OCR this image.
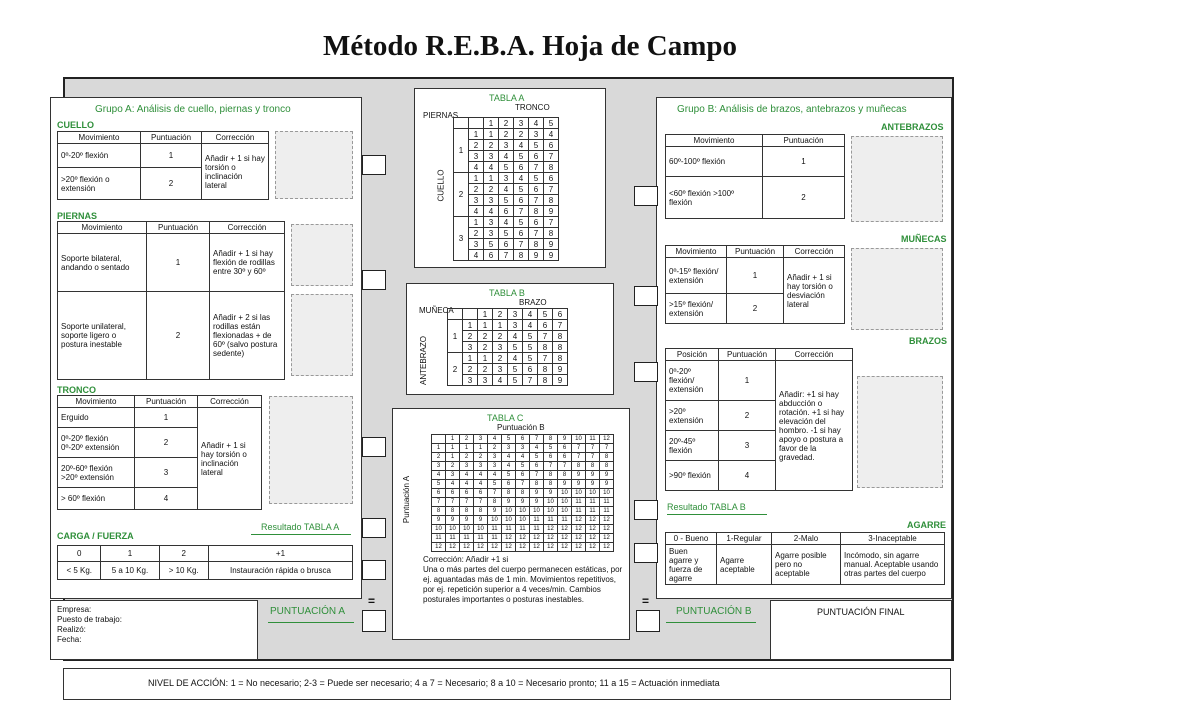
Método R.E.B.A. Hoja de Campo
Grupo A: Análisis de cuello, piernas y tronco
CUELLO
Movimiento	Puntuación	Corrección
0º-20º flexión	1	Añadir + 1 si hay torsión o inclinación lateral
>20º flexión o extensión	2	
PIERNAS
Movimiento	Puntuación	Corrección
Soporte bilateral, andando o sentado	1	Añadir + 1 si hay flexión de rodillas entre 30º y 60º
Soporte unilateral, soporte ligero o postura inestable	2	Añadir + 2 si las rodillas están flexionadas + de 60º (salvo postura sedente)
TRONCO
Movimiento	Puntuación	Corrección
Erguido	1	Añadir + 1 si hay torsión o inclinación lateral
0º-20º flexión 0º-20º extensión	2	
20º-60º flexión >20º extensión	3	
> 60º flexión	4	
Resultado TABLA A
CARGA / FUERZA
0	1	2	+1
< 5 Kg.	5 a 10 Kg.	> 10 Kg.	Instauración rápida o brusca
TABLA A
TRONCO
PIERNAS
CUELLO
		1	2	3	4	5
1	1	1	2	2	3	4
	2	2	3	4	5	6
	3	3	4	5	6	7
	4	4	5	6	7	8
2	1	1	3	4	5	6
	2	2	4	5	6	7
	3	3	5	6	7	8
	4	4	6	7	8	9
3	1	3	4	5	6	7
	2	3	5	6	7	8
	3	5	6	7	8	9
	4	6	7	8	9	9
TABLA B
BRAZO
MUÑECA
ANTEBRAZO
		1	2	3	4	5	6
1	1	1	1	3	4	6	7
	2	2	2	4	5	7	8
	3	2	3	5	5	8	8
2	1	1	2	4	5	7	8
	2	2	3	5	6	8	9
	3	3	4	5	7	8	9
TABLA C
Puntuación B
Puntuación A
	1	2	3	4	5	6	7	8	9	10	11	12
1	1	1	1	2	3	3	4	5	6	7	7	7
2	1	2	2	3	4	4	5	6	6	7	7	8
3	2	3	3	3	4	5	6	7	7	8	8	8
4	3	4	4	4	5	6	7	8	8	9	9	9
5	4	4	4	5	6	7	8	8	9	9	9	9
6	6	6	6	7	8	8	9	9	10	10	10	10
7	7	7	7	8	9	9	9	10	10	11	11	11
8	8	8	8	9	10	10	10	10	10	11	11	11
9	9	9	9	10	10	10	11	11	11	12	12	12
10	10	10	10	11	11	11	11	12	12	12	12	12
11	11	11	11	11	12	12	12	12	12	12	12	12
12	12	12	12	12	12	12	12	12	12	12	12	12
Corrección: Añadir +1 si
Una o más partes del cuerpo permanecen estáticas, por ej. aguantadas más de 1 min. Movimientos repetitivos, por ej. repetición superior a 4 veces/min. Cambios posturales importantes o posturas inestables.
=	=
Grupo B: Análisis de brazos, antebrazos y muñecas
ANTEBRAZOS
Movimiento	Puntuación
60º-100º flexión	1
<60º flexión >100º flexión	2
MUÑECAS
Movimiento	Puntuación	Corrección
0º-15º flexión/ extensión	1	Añadir + 1 si hay torsión o desviación lateral
>15º flexión/ extensión	2	
BRAZOS
Posición	Puntuación	Corrección
0º-20º flexión/ extensión	1	Añadir: +1 si hay abducción o rotación. +1 si hay elevación del hombro. -1 si hay apoyo o postura a favor de la gravedad.
>20º extensión	2	
20º-45º flexión	3	
>90º flexión	4	
Resultado TABLA B
AGARRE
0 - Bueno	1-Regular	2-Malo	3-Inaceptable
Buen agarre y fuerza de agarre	Agarre aceptable	Agarre posible pero no aceptable	Incómodo, sin agarre manual. Aceptable usando otras partes del cuerpo
Empresa:
Puesto de trabajo:
Realizó:
Fecha:
PUNTUACIÓN A	PUNTUACIÓN B	PUNTUACIÓN FINAL
NIVEL DE ACCIÓN: 1 = No necesario; 2-3 = Puede ser necesario; 4 a 7 = Necesario; 8 a 10 = Necesario pronto; 11 a 15 = Actuación inmediata
